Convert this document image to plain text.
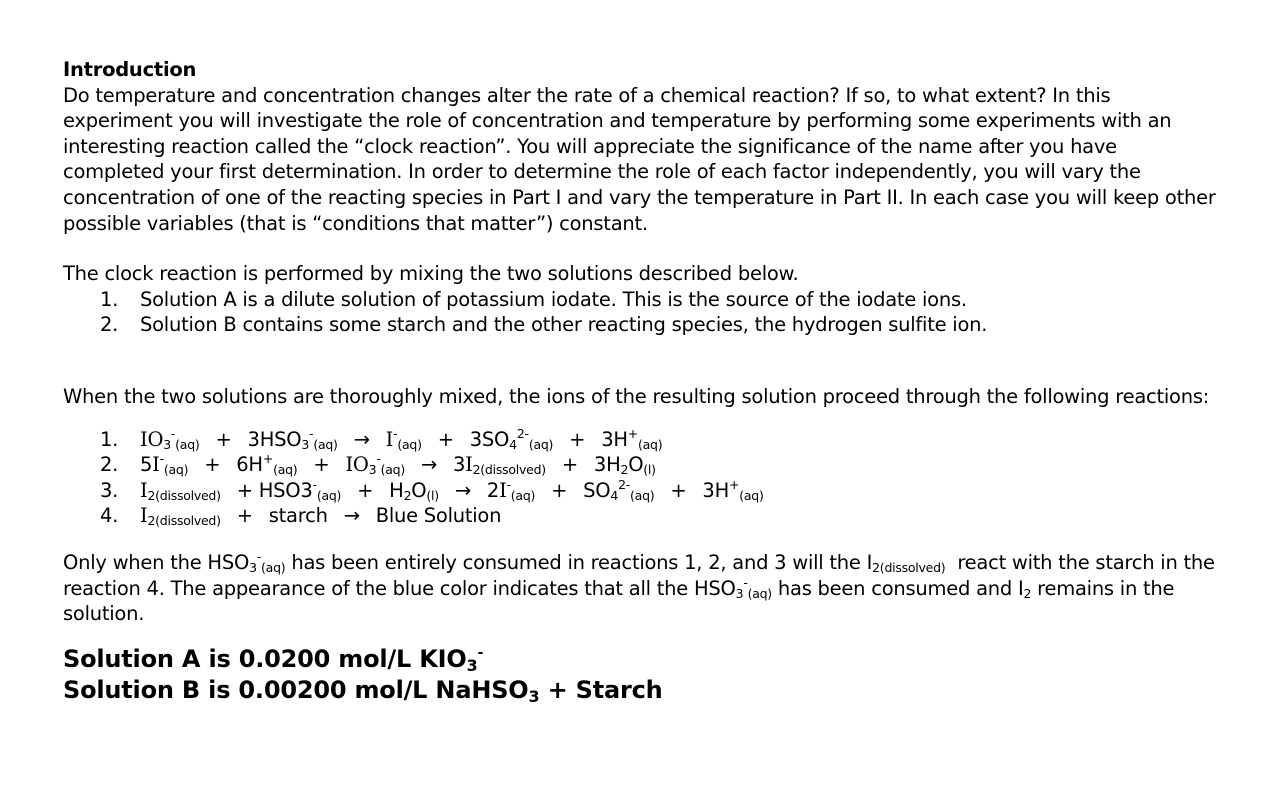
Introduction

Do temperature and concentration changes alter the rate of a chemical reaction? If so, to what extent? In this experiment you will investigate the role of concentration and temperature by performing some experiments with an interesting reaction called the “clock reaction”. You will appreciate the significance of the name after you have completed your first determination. In order to determine the role of each factor independently, you will vary the concentration of one of the reacting species in Part I and vary the temperature in Part II. In each case you will keep other possible variables (that is “conditions that matter”) constant.

The clock reaction is performed by mixing the two solutions described below.

1.	Solution A is a dilute solution of potassium iodate. This is the source of the iodate ions.
2.	Solution B contains some starch and the other reacting species, the hydrogen sulfite ion.

When the two solutions are thoroughly mixed, the ions of the resulting solution proceed through the following reactions:

1.	$IO_3^-_{(aq)} + 3HSO_3^-_{(aq)} \to I^-_{(aq)} + 3SO_4^{2-}_{(aq)} + 3H^+_{(aq)}$
2.	$5I^-_{(aq)} + 6H^+_{(aq)} + IO_3^-_{(aq)} \to 3I_{2(dissolved)} + 3H_2O_{(l)}$
3.	$I_{2(dissolved)} + HSO3^-_{(aq)} + H_2O_{(l)} \to 2I^-_{(aq)} + SO_4^{2-}_{(aq)} + 3H^+_{(aq)}$
4.	$I_{2(dissolved)}$ + starch → Blue Solution

Only when the $HSO_3^-_{(aq)}$ has been entirely consumed in reactions 1, 2, and 3 will the $I_{2(dissolved)}$ react with the starch in the reaction 4. The appearance of the blue color indicates that all the $HSO_3^-_{(aq)}$ has been consumed and $I_2$ remains in the solution.

Solution A is 0.0200 mol/L $KIO_3^-$

Solution B is 0.00200 mol/L NaHSO$_3$ + Starch
